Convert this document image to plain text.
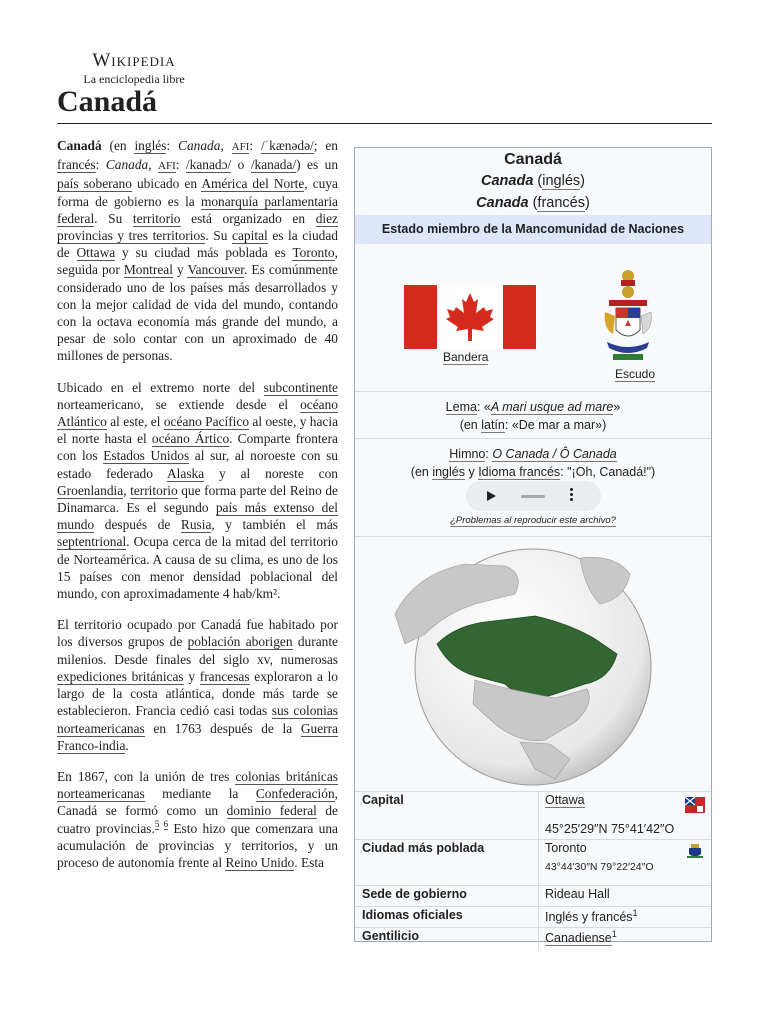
Wikipedia
La enciclopedia libre
Canadá

Canadá (en inglés: Canada, AFI: /ˈkænədə/; en francés: Canada, AFI: /kanadɔ/ o /kanada/) es un país soberano ubicado en América del Norte, cuya forma de gobierno es la monarquía parlamentaria federal. Su territorio está organizado en diez provincias y tres territorios. Su capital es la ciudad de Ottawa y su ciudad más poblada es Toronto, seguida por Montreal y Vancouver. Es comúnmente considerado uno de los países más desarrollados y con la mejor calidad de vida del mundo, contando con la octava economía más grande del mundo, a pesar de solo contar con un aproximado de 40 millones de personas.

Ubicado en el extremo norte del subcontinente norteamericano, se extiende desde el océano Atlántico al este, el océano Pacífico al oeste, y hacia el norte hasta el océano Ártico. Comparte frontera con los Estados Unidos al sur, al noroeste con su estado federado Alaska y al noreste con Groenlandia, territorio que forma parte del Reino de Dinamarca. Es el segundo país más extenso del mundo después de Rusia, y también el más septentrional. Ocupa cerca de la mitad del territorio de Norteamérica. A causa de su clima, es uno de los 15 países con menor densidad poblacional del mundo, con aproximadamente 4 hab/km².

El territorio ocupado por Canadá fue habitado por los diversos grupos de población aborigen durante milenios. Desde finales del siglo xv, numerosas expediciones británicas y francesas exploraron a lo largo de la costa atlántica, donde más tarde se establecieron. Francia cedió casi todas sus colonias norteamericanas en 1763 después de la Guerra Franco-india.

En 1867, con la unión de tres colonias británicas norteamericanas mediante la Confederación, Canadá se formó como un dominio federal de cuatro provincias.$^{5 6}$ Esto hizo que comenzara una acumulación de provincias y territorios, y un proceso de autonomía frente al Reino Unido. Esta

Canadá
Canada (inglés)
Canada (francés)
Estado miembro de la Mancomunidad de Naciones
Bandera
Escudo
Lema: «A mari usque ad mare»
(en latín: «De mar a mar»)
Himno: O Canada / Ô Canada
(en inglés y Idioma francés: "¡Oh, Canadá!")
¿Problemas al reproducir este archivo?
Capital	Ottawa
45°25′29″N 75°41′42″O
Ciudad más poblada	Toronto
43°44′30″N 79°22′24″O
Sede de gobierno	Rideau Hall
Idiomas oficiales	Inglés y francés$^1$
Gentilicio	Canadiense$^1$
